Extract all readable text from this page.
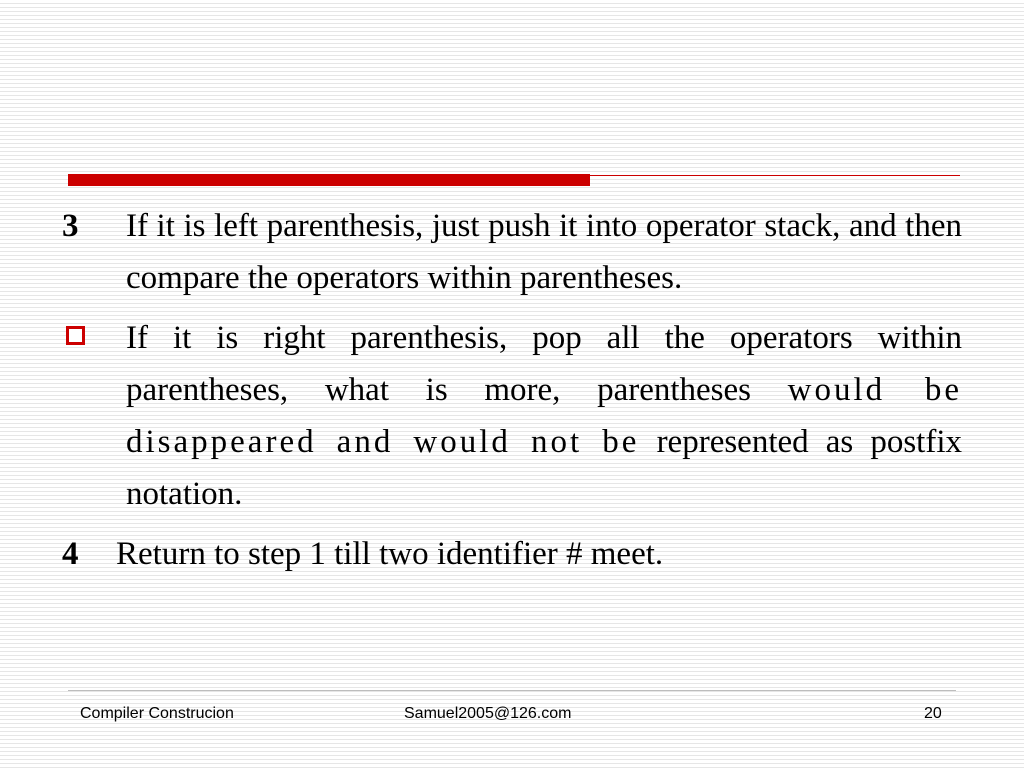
3 If it is left parenthesis, just push it into operator stack, and then compare the operators within parentheses.
If it is right parenthesis, pop all the operators within parentheses, what is more, parentheses would be disappeared and would not be represented as postfix notation.
4 Return to step 1 till two identifier # meet.
Compiler Construcion	Samuel2005@126.com	20
